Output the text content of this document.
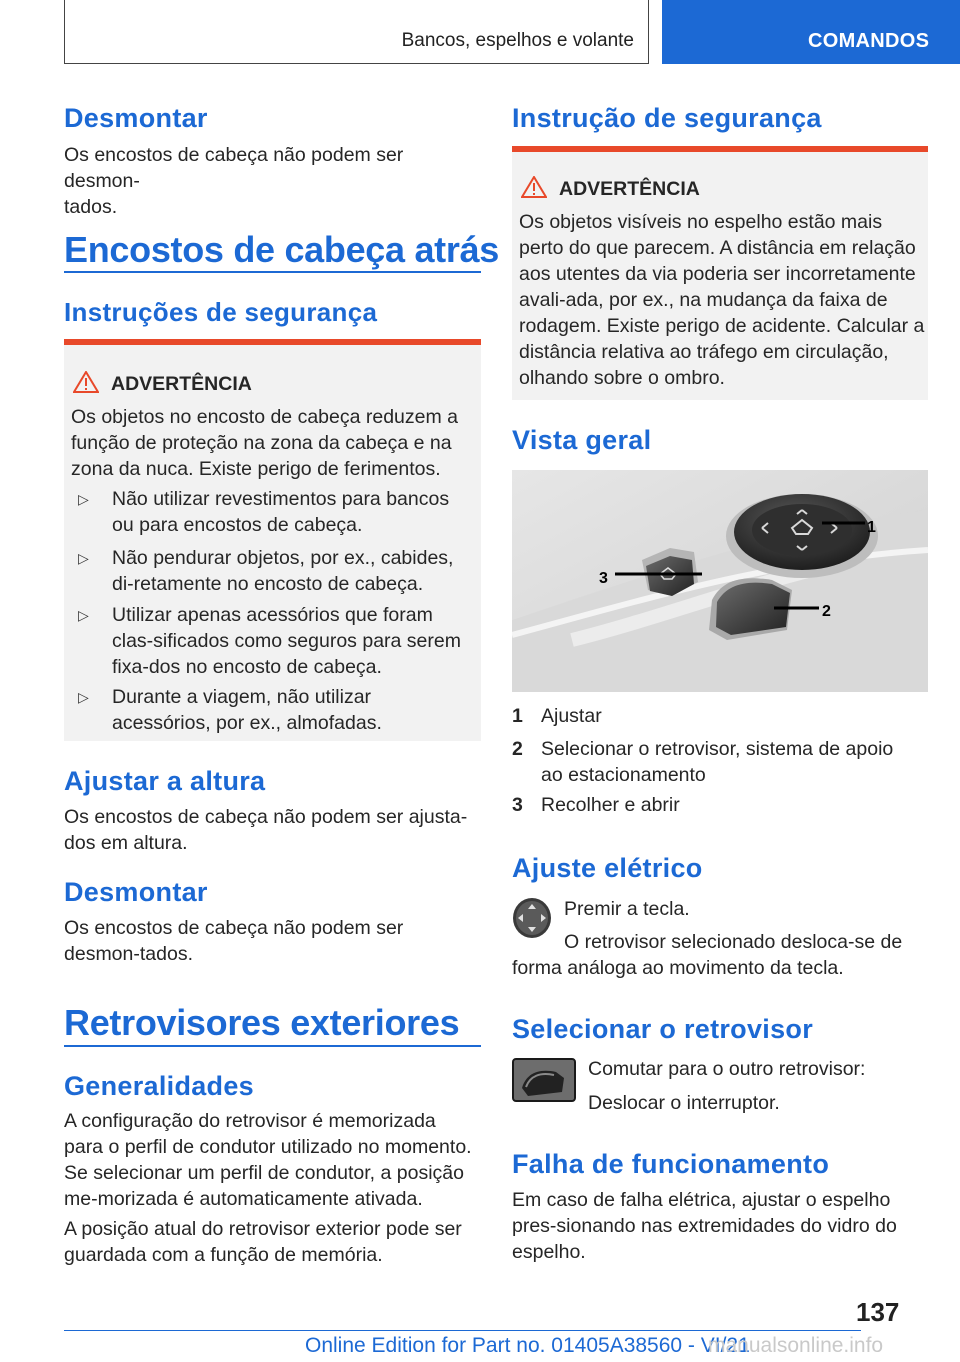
Bancos, espelhos e volante	COMANDOS
Desmontar

Os encostos de cabeça não podem ser desmon-
tados.

Encostos de cabeça atrás
Instruções de segurança
ADVERTÊNCIA

Os objetos no encosto de cabeça reduzem a função de proteção na zona da cabeça e na zona da nuca. Existe perigo de ferimentos.

▷ Não utilizar revestimentos para bancos ou para encostos de cabeça.
▷ Não pendurar objetos, por ex., cabides, di-retamente no encosto de cabeça.
▷ Utilizar apenas acessórios que foram clas-sificados como seguros para serem fixa-dos no encosto de cabeça.
▷ Durante a viagem, não utilizar acessórios, por ex., almofadas.
Ajustar a altura

Os encostos de cabeça não podem ser ajusta-dos em altura.

Desmontar

Os encostos de cabeça não podem ser desmon-tados.

Retrovisores exteriores
Generalidades

A configuração do retrovisor é memorizada para o perfil de condutor utilizado no momento. Se selecionar um perfil de condutor, a posição me-morizada é automaticamente ativada.

A posição atual do retrovisor exterior pode ser guardada com a função de memória.

Instrução de segurança
ADVERTÊNCIA

Os objetos visíveis no espelho estão mais perto do que parecem. A distância em relação aos utentes da via poderia ser incorretamente avali-ada, por ex., na mudança da faixa de rodagem. Existe perigo de acidente. Calcular a distância relativa ao tráfego em circulação, olhando sobre o ombro.

Vista geral
1
2
3
1 Ajustar
2 Selecionar o retrovisor, sistema de apoio ao estacionamento
3 Recolher e abrir
Ajuste elétrico

Premir a tecla.

O retrovisor selecionado desloca-se de forma análoga ao movimento da tecla.

Selecionar o retrovisor

Comutar para o outro retrovisor:

Deslocar o interruptor.

Falha de funcionamento

Em caso de falha elétrica, ajustar o espelho pres-sionando nas extremidades do vidro do espelho.

137
Online Edition for Part no. 01405A38560 - VI/21
manualsonline.info
